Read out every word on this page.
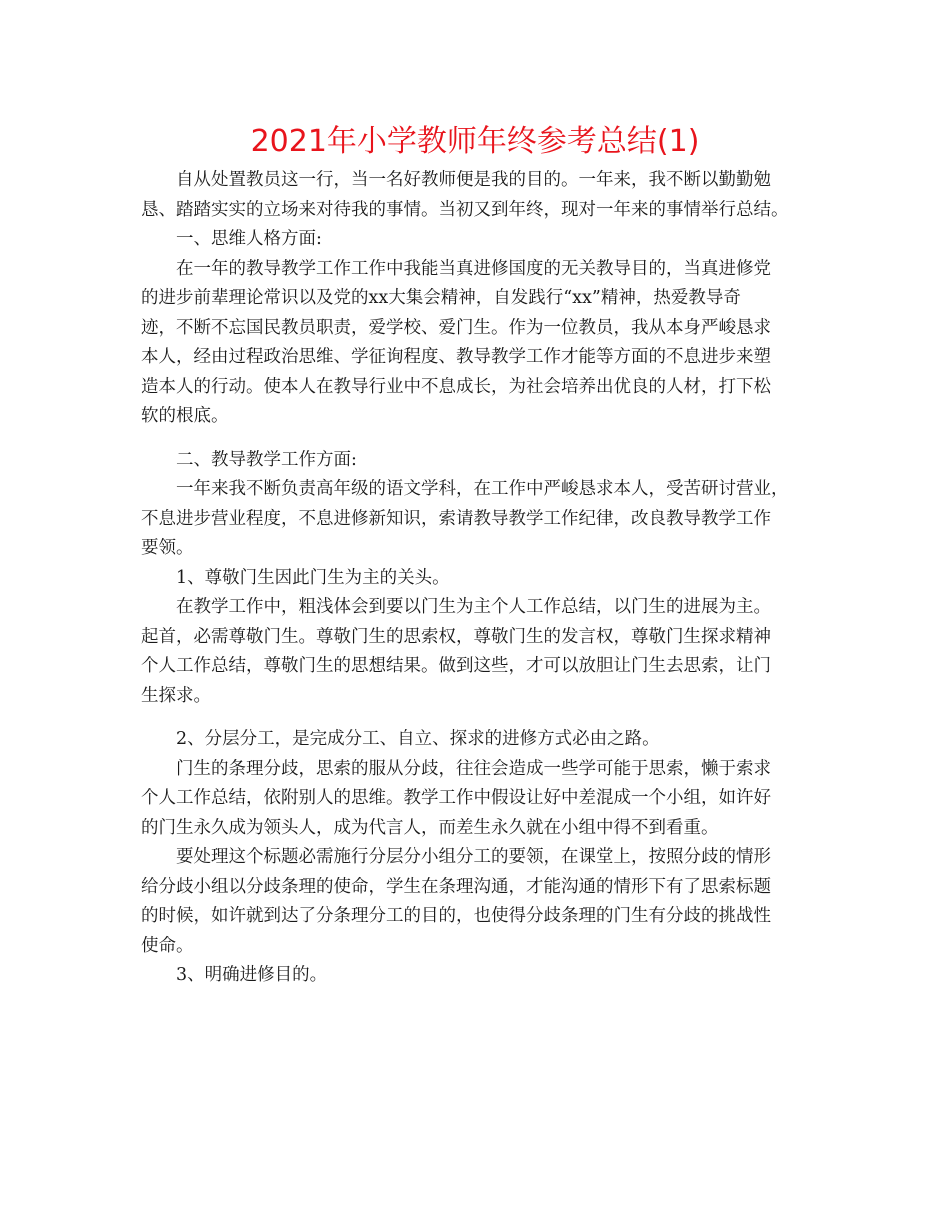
2021年小学教师年终参考总结(1)
自从处置教员这一行，当一名好教师便是我的目的。一年来，我不断以勤勤勉
恳、踏踏实实的立场来对待我的事情。当初又到年终，现对一年来的事情举行总结。
一、思维人格方面:
在一年的教导教学工作工作中我能当真进修国度的无关教导目的，当真进修党
的进步前辈理论常识以及党的xx大集会精神，自发践行“xx”精神，热爱教导奇
迹，不断不忘国民教员职责，爱学校、爱门生。作为一位教员，我从本身严峻恳求
本人，经由过程政治思维、学征询程度、教导教学工作才能等方面的不息进步来塑
造本人的行动。使本人在教导行业中不息成长，为社会培养出优良的人材，打下松
软的根底。
二、教导教学工作方面:
一年来我不断负责高年级的语文学科，在工作中严峻恳求本人，受苦研讨营业，
不息进步营业程度，不息进修新知识，索请教导教学工作纪律，改良教导教学工作
要领。
1、尊敬门生因此门生为主的关头。
在教学工作中，粗浅体会到要以门生为主个人工作总结，以门生的进展为主。
起首，必需尊敬门生。尊敬门生的思索权，尊敬门生的发言权，尊敬门生探求精神
个人工作总结，尊敬门生的思想结果。做到这些，才可以放胆让门生去思索，让门
生探求。
2、分层分工，是完成分工、自立、探求的进修方式必由之路。
门生的条理分歧，思索的服从分歧，往往会造成一些学可能于思索，懒于索求
个人工作总结，依附别人的思维。教学工作中假设让好中差混成一个小组，如许好
的门生永久成为领头人，成为代言人，而差生永久就在小组中得不到看重。
要处理这个标题必需施行分层分小组分工的要领，在课堂上，按照分歧的情形
给分歧小组以分歧条理的使命，学生在条理沟通，才能沟通的情形下有了思索标题
的时候，如许就到达了分条理分工的目的，也使得分歧条理的门生有分歧的挑战性
使命。
3、明确进修目的。
